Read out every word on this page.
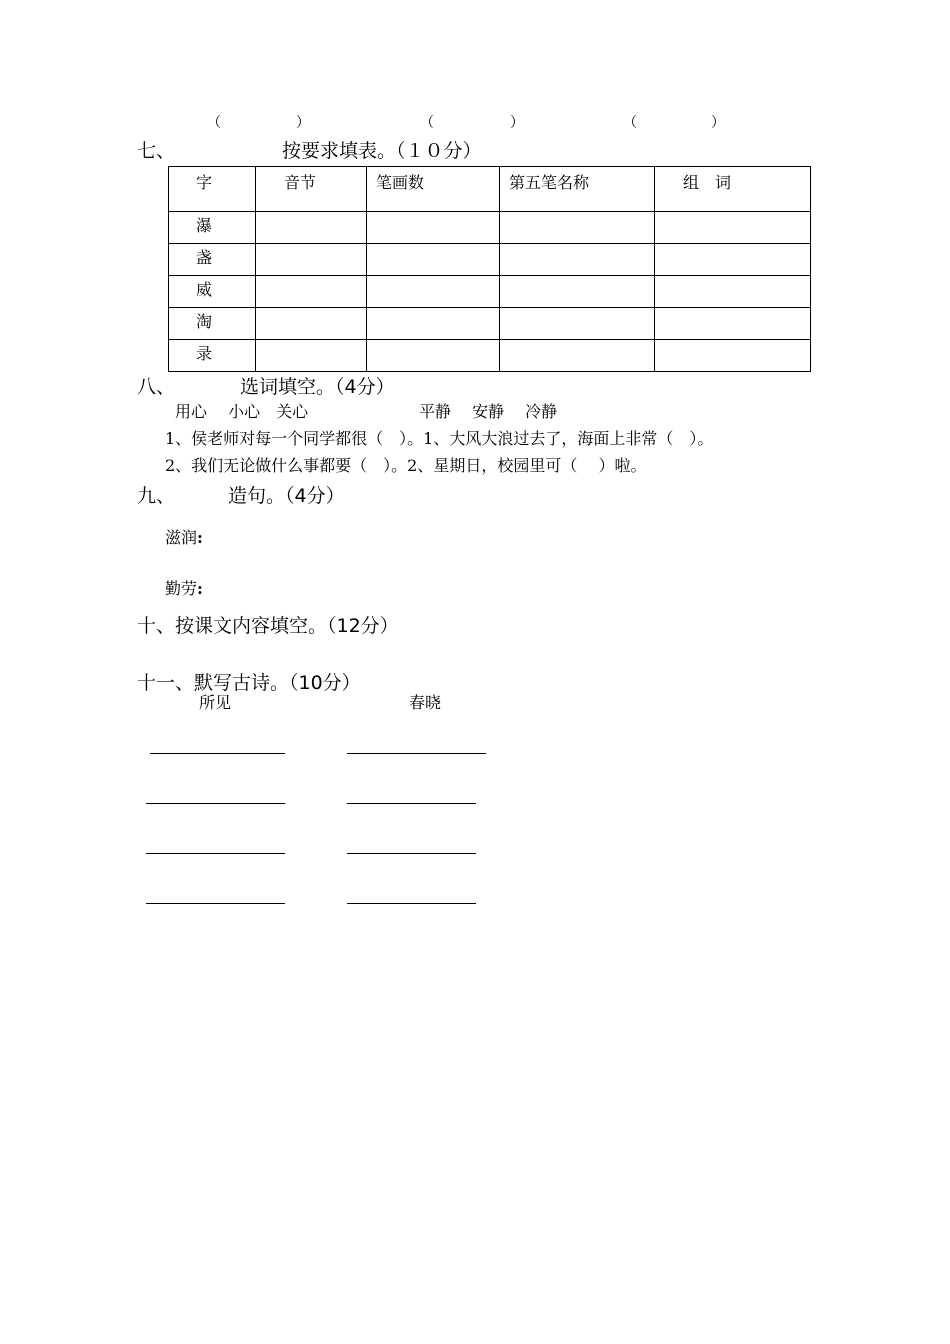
（	）	（	）	（	）
七、	按要求填表。（１０分）
字	音节	笔画数	第五笔名称	组　词

瀑				

盏				

威				

淘				

录				

八、	选词填空。（4分）
用心　 小心　关心	平静　 安静　 冷静
1、侯老师对每一个同学都很（　）。1、大风大浪过去了，海面上非常（　）。
2、我们无论做什么事都要（　）。2、星期日，校园里可（　 ）啦。
九、	造句。（4分）
滋润:
勤劳:
十、按课文内容填空。（12分）
十一、默写古诗。（10分）
所见	春晓
